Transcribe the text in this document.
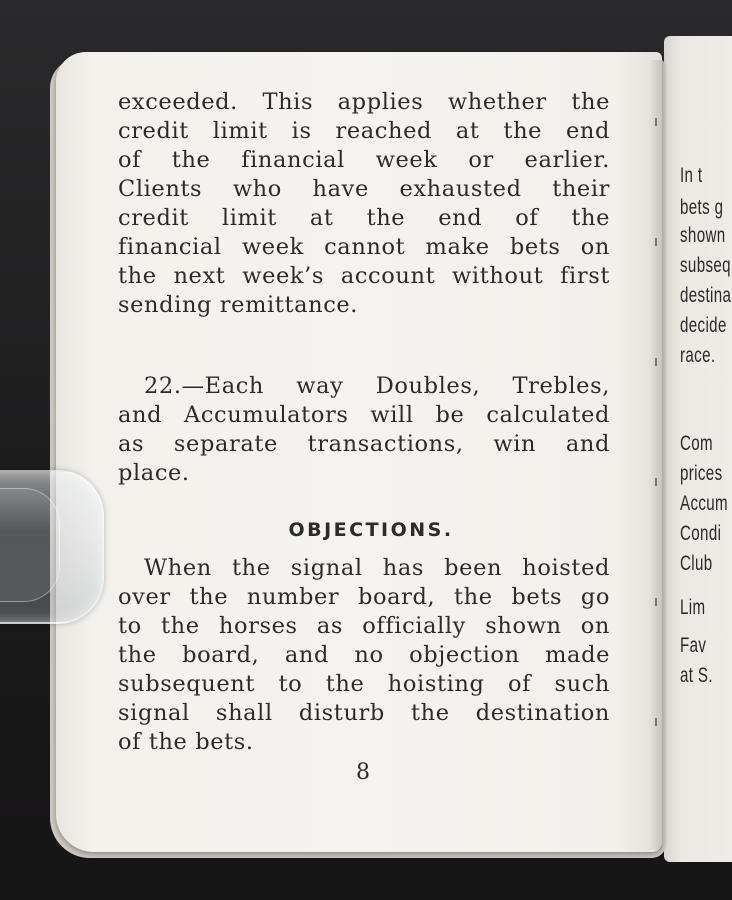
In t
bets g
shown
subseq
destina
decide
race.
Com
prices
Accum
Condi
Club
Lim
Fav
at S.
exceeded. This applies whether the
credit limit is reached at the end
of the financial week or earlier.
Clients who have exhausted their
credit limit at the end of the
financial week cannot make bets on
the next week’s account without first
sending remittance.
22.—Each way Doubles, Trebles,
and Accumulators will be calculated
as separate transactions, win and
place.
OBJECTIONS.
When the signal has been hoisted
over the number board, the bets go
to the horses as officially shown on
the board, and no objection made
subsequent to the hoisting of such
signal shall disturb the destination
of the bets.
8
